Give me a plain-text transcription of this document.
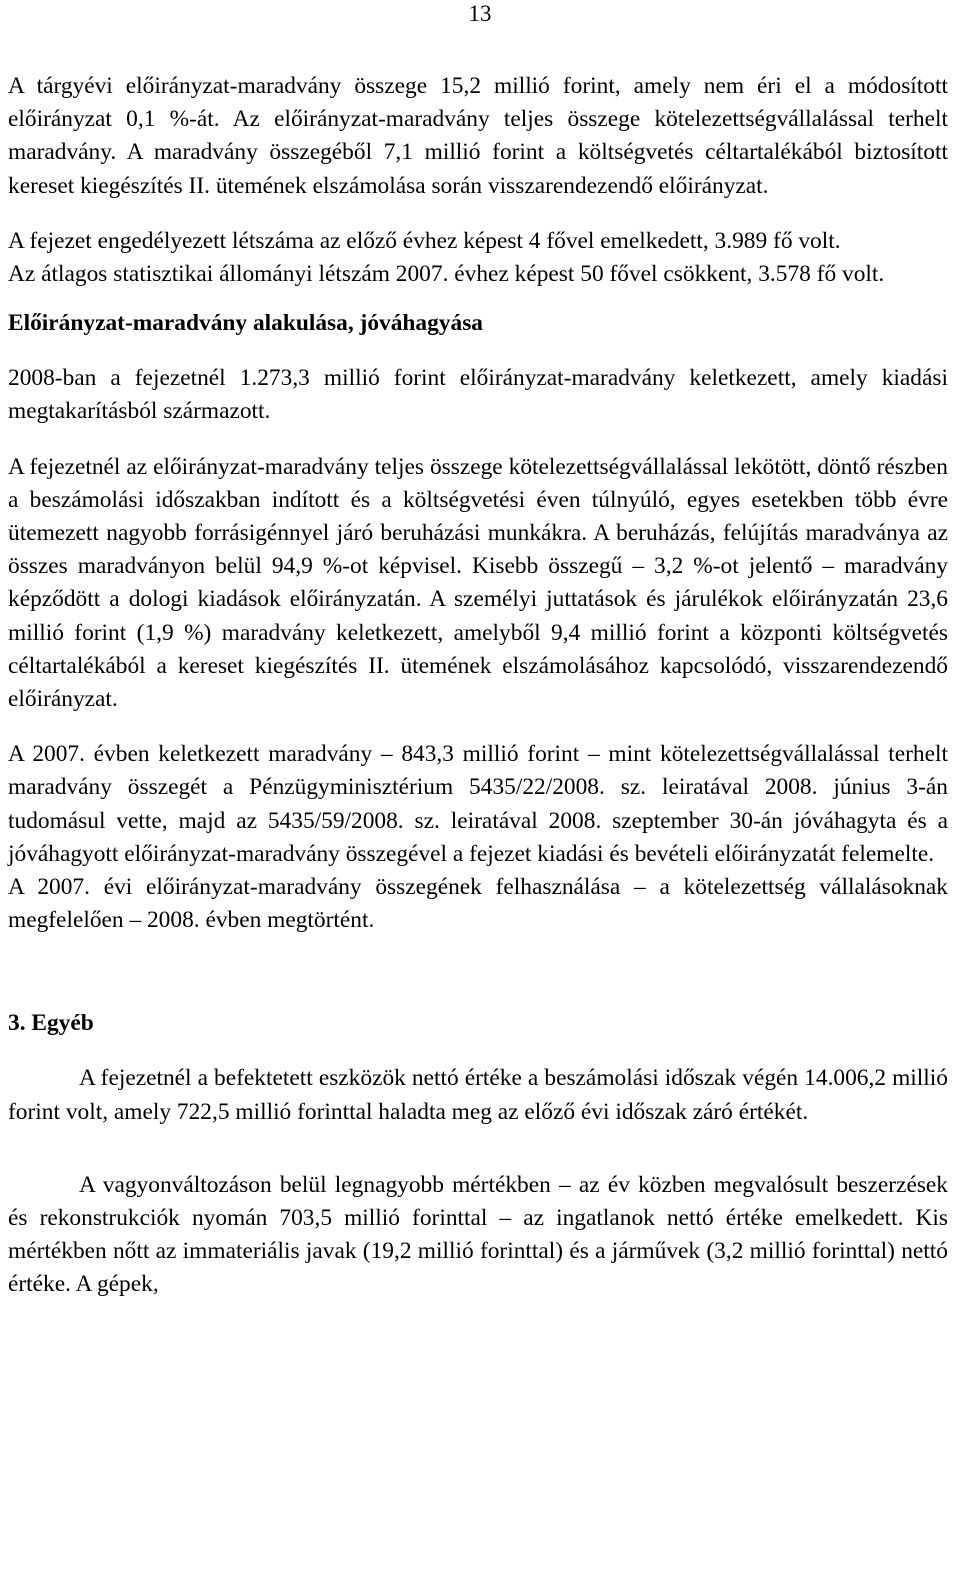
13

A tárgyévi előirányzat-maradvány összege 15,2 millió forint, amely nem éri el a módosított előirányzat 0,1 %-át. Az előirányzat-maradvány teljes összege kötelezettségvállalással terhelt maradvány. A maradvány összegéből 7,1 millió forint a költségvetés céltartalékából biztosított kereset kiegészítés II. ütemének elszámolása során visszarendezendő előirányzat.

A fejezet engedélyezett létszáma az előző évhez képest 4 fővel emelkedett, 3.989 fő volt.

Az átlagos statisztikai állományi létszám 2007. évhez képest 50 fővel csökkent, 3.578 fő volt.

Előirányzat-maradvány alakulása, jóváhagyása

2008-ban a fejezetnél 1.273,3 millió forint előirányzat-maradvány keletkezett, amely kiadási megtakarításból származott.

A fejezetnél az előirányzat-maradvány teljes összege kötelezettségvállalással lekötött, döntő részben a beszámolási időszakban indított és a költségvetési éven túlnyúló, egyes esetekben több évre ütemezett nagyobb forrásigénnyel járó beruházási munkákra. A beruházás, felújítás maradványa az összes maradványon belül 94,9 %-ot képvisel. Kisebb összegű – 3,2 %-ot jelentő – maradvány képződött a dologi kiadások előirányzatán. A személyi juttatások és járulékok előirányzatán 23,6 millió forint (1,9 %) maradvány keletkezett, amelyből 9,4 millió forint a központi költségvetés céltartalékából a kereset kiegészítés II. ütemének elszámolásához kapcsolódó, visszarendezendő előirányzat.

A 2007. évben keletkezett maradvány – 843,3 millió forint – mint kötelezettségvállalással terhelt maradvány összegét a Pénzügyminisztérium 5435/22/2008. sz. leiratával 2008. június 3-án tudomásul vette, majd az 5435/59/2008. sz. leiratával 2008. szeptember 30-án jóváhagyta és a jóváhagyott előirányzat-maradvány összegével a fejezet kiadási és bevételi előirányzatát felemelte.

A 2007. évi előirányzat-maradvány összegének felhasználása – a kötelezettség vállalásoknak megfelelően – 2008. évben megtörtént.

3. Egyéb

A fejezetnél a befektetett eszközök nettó értéke a beszámolási időszak végén 14.006,2 millió forint volt, amely 722,5 millió forinttal haladta meg az előző évi időszak záró értékét.

A vagyonváltozáson belül legnagyobb mértékben – az év közben megvalósult beszerzések és rekonstrukciók nyomán 703,5 millió forinttal – az ingatlanok nettó értéke emelkedett. Kis mértékben nőtt az immateriális javak (19,2 millió forinttal) és a járművek (3,2 millió forinttal) nettó értéke. A gépek,
